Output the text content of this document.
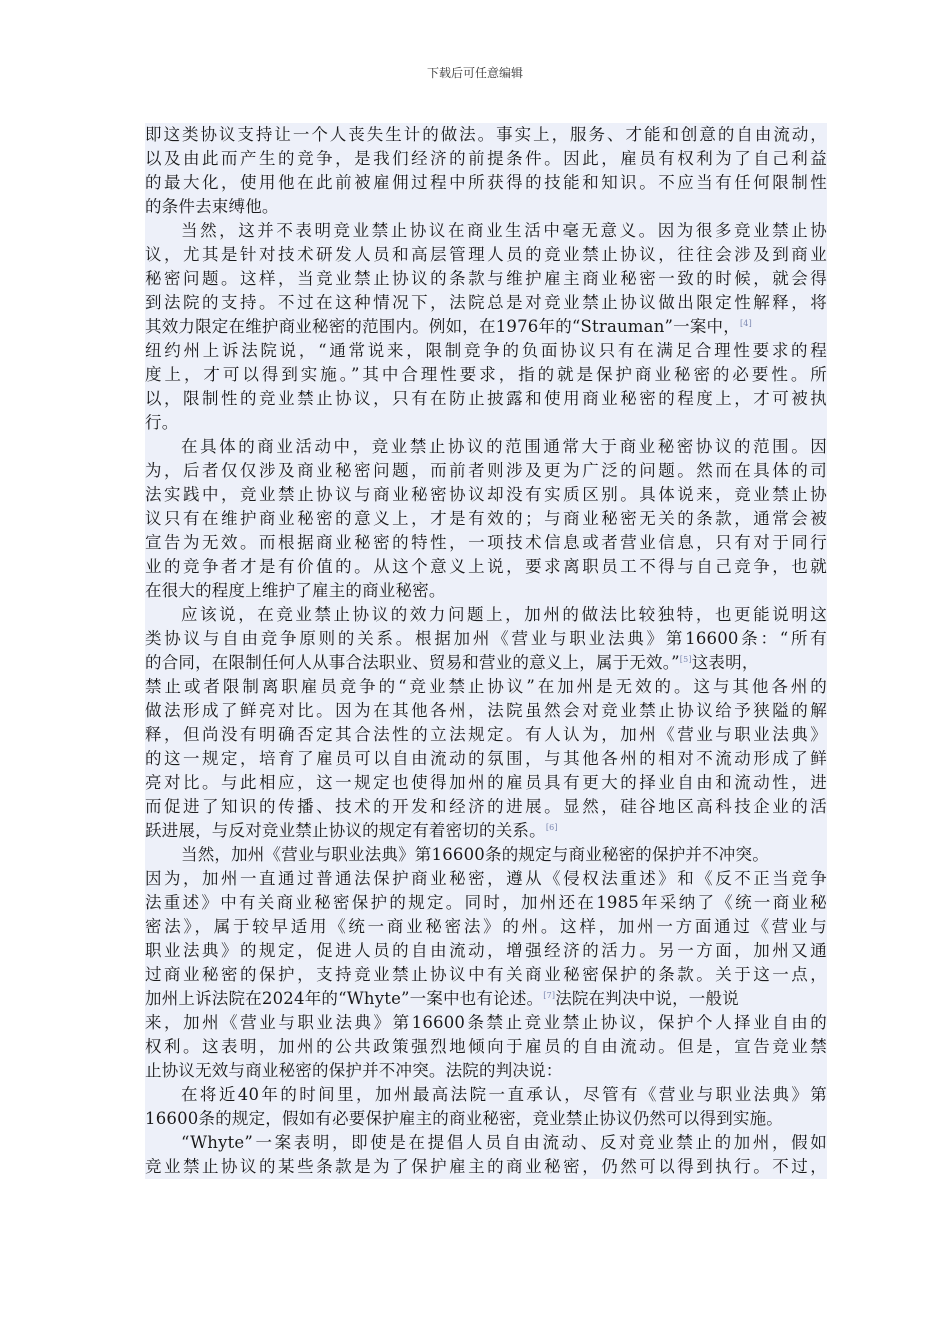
下载后可任意编辑
即这类协议支持让一个人丧失生计的做法。事实上，服务、才能和创意的自由流动，
以及由此而产生的竞争，是我们经济的前提条件。因此，雇员有权利为了自己利益
的最大化，使用他在此前被雇佣过程中所获得的技能和知识。不应当有任何限制性
的条件去束缚他。
当然，这并不表明竞业禁止协议在商业生活中毫无意义。因为很多竞业禁止协
议，尤其是针对技术研发人员和高层管理人员的竞业禁止协议，往往会涉及到商业
秘密问题。这样，当竞业禁止协议的条款与维护雇主商业秘密一致的时候，就会得
到法院的支持。不过在这种情况下，法院总是对竞业禁止协议做出限定性解释，将
其效力限定在维护商业秘密的范围内。例如，在1976年的“Strauman”一案中，[4]
纽约州上诉法院说，“通常说来，限制竞争的负面协议只有在满足合理性要求的程
度上，才可以得到实施。”其中合理性要求，指的就是保护商业秘密的必要性。所
以，限制性的竞业禁止协议，只有在防止披露和使用商业秘密的程度上，才可被执
行。
在具体的商业活动中，竞业禁止协议的范围通常大于商业秘密协议的范围。因
为，后者仅仅涉及商业秘密问题，而前者则涉及更为广泛的问题。然而在具体的司
法实践中，竞业禁止协议与商业秘密协议却没有实质区别。具体说来，竞业禁止协
议只有在维护商业秘密的意义上，才是有效的；与商业秘密无关的条款，通常会被
宣告为无效。而根据商业秘密的特性，一项技术信息或者营业信息，只有对于同行
业的竞争者才是有价值的。从这个意义上说，要求离职员工不得与自己竞争，也就
在很大的程度上维护了雇主的商业秘密。
应该说，在竞业禁止协议的效力问题上，加州的做法比较独特，也更能说明这
类协议与自由竞争原则的关系。根据加州《营业与职业法典》第16600条：“所有
的合同，在限制任何人从事合法职业、贸易和营业的意义上，属于无效。”[5]这表明，
禁止或者限制离职雇员竞争的“竞业禁止协议”在加州是无效的。这与其他各州的
做法形成了鲜亮对比。因为在其他各州，法院虽然会对竞业禁止协议给予狭隘的解
释，但尚没有明确否定其合法性的立法规定。有人认为，加州《营业与职业法典》
的这一规定，培育了雇员可以自由流动的氛围，与其他各州的相对不流动形成了鲜
亮对比。与此相应，这一规定也使得加州的雇员具有更大的择业自由和流动性，进
而促进了知识的传播、技术的开发和经济的进展。显然，硅谷地区高科技企业的活
跃进展，与反对竞业禁止协议的规定有着密切的关系。[6]
当然，加州《营业与职业法典》第16600条的规定与商业秘密的保护并不冲突。
因为，加州一直通过普通法保护商业秘密，遵从《侵权法重述》和《反不正当竞争
法重述》中有关商业秘密保护的规定。同时，加州还在1985年采纳了《统一商业秘
密法》，属于较早适用《统一商业秘密法》的州。这样，加州一方面通过《营业与
职业法典》的规定，促进人员的自由流动，增强经济的活力。另一方面，加州又通
过商业秘密的保护，支持竞业禁止协议中有关商业秘密保护的条款。关于这一点，
加州上诉法院在2024年的“Whyte”一案中也有论述。[7]法院在判决中说，一般说
来，加州《营业与职业法典》第16600条禁止竞业禁止协议，保护个人择业自由的
权利。这表明，加州的公共政策强烈地倾向于雇员的自由流动。但是，宣告竞业禁
止协议无效与商业秘密的保护并不冲突。法院的判决说：
在将近40年的时间里，加州最高法院一直承认，尽管有《营业与职业法典》第
16600条的规定，假如有必要保护雇主的商业秘密，竞业禁止协议仍然可以得到实施。
“Whyte”一案表明，即使是在提倡人员自由流动、反对竞业禁止的加州，假如
竞业禁止协议的某些条款是为了保护雇主的商业秘密，仍然可以得到执行。不过，
